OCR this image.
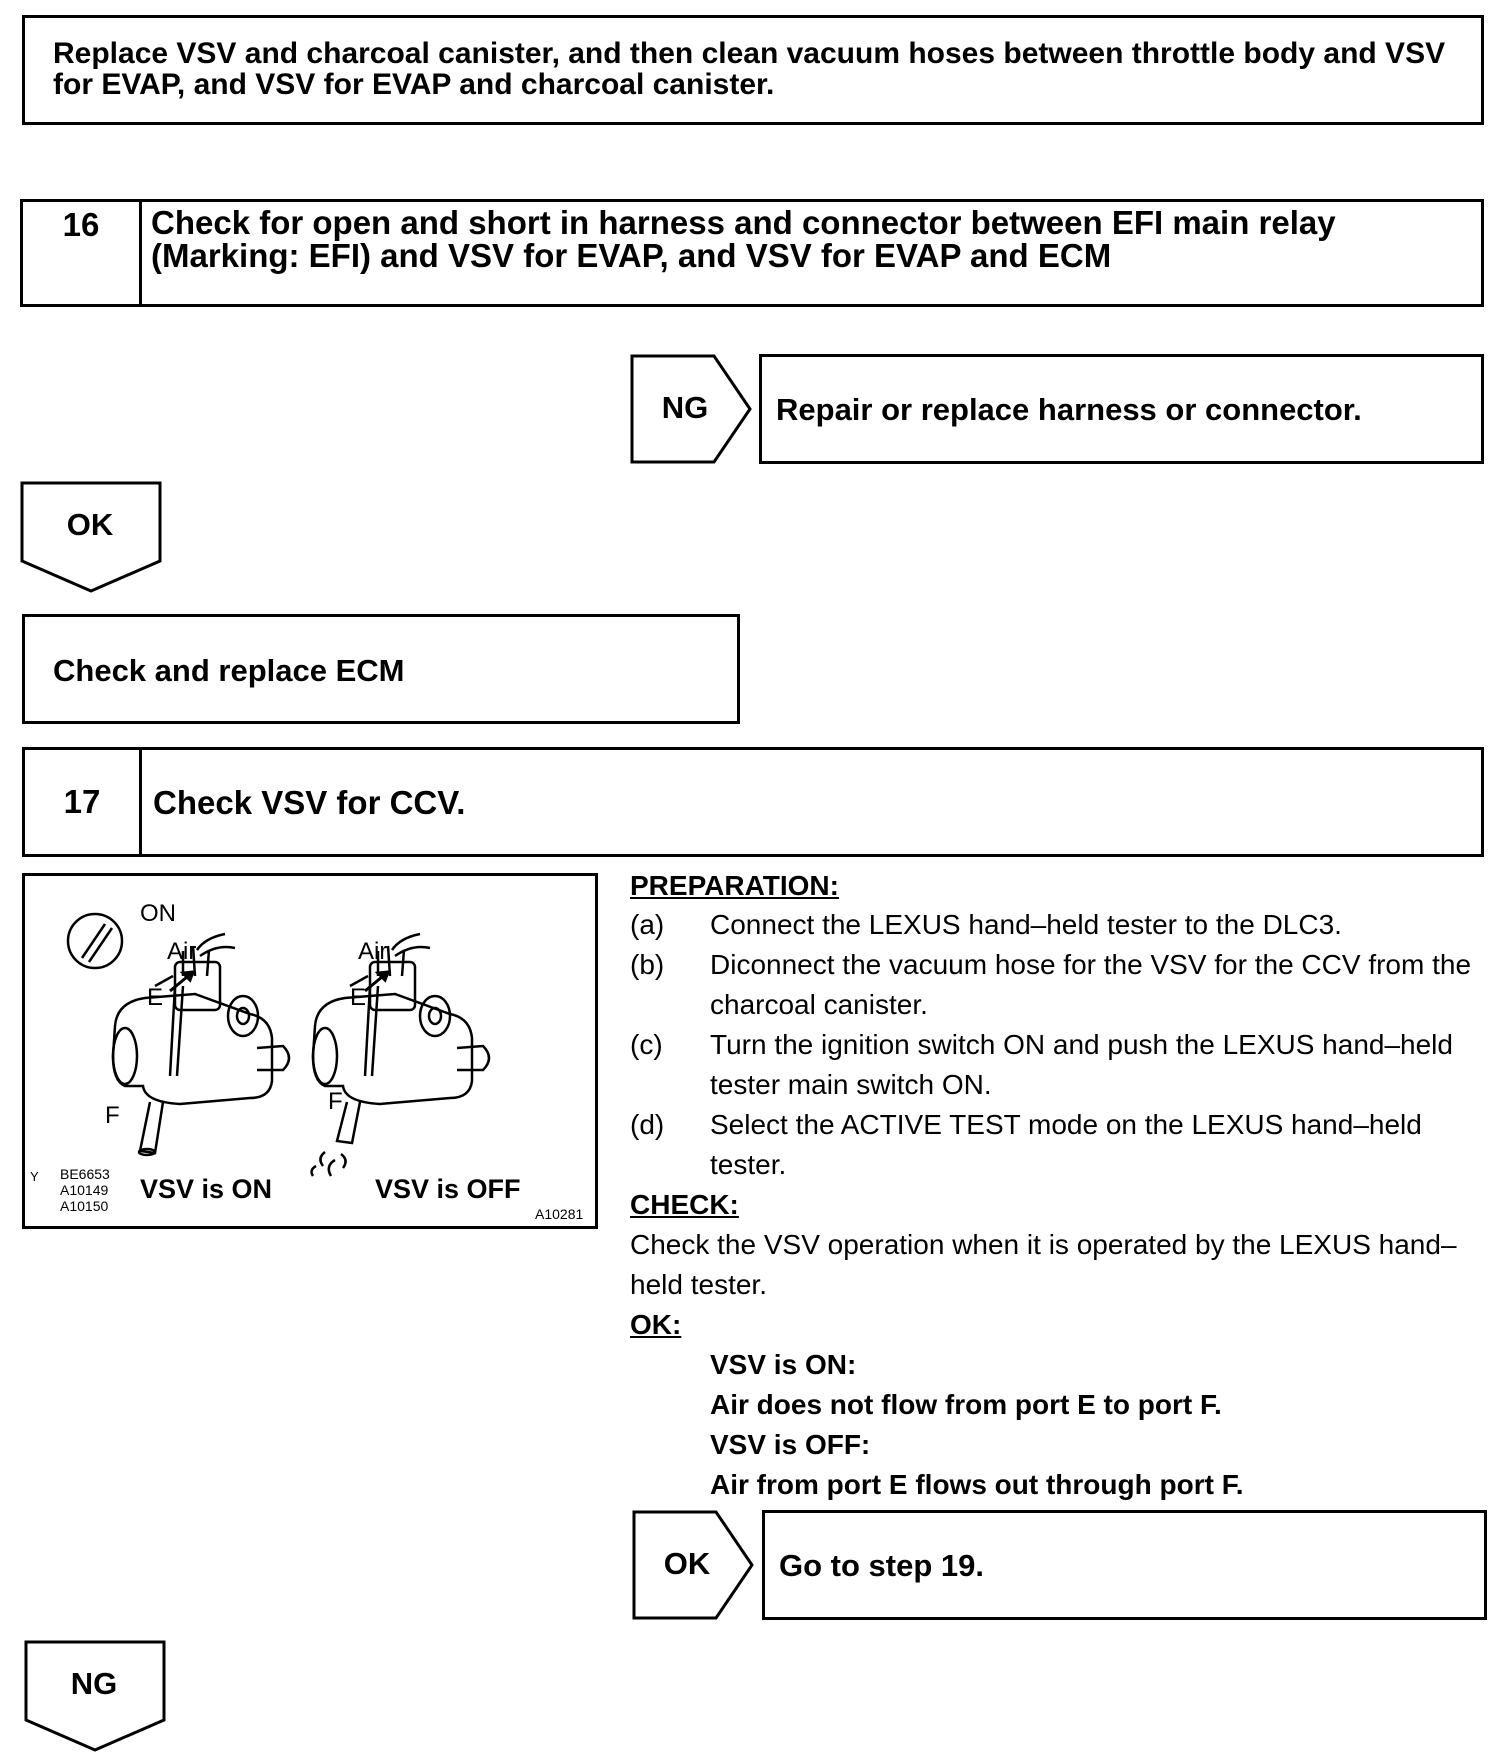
Replace VSV and charcoal canister, and then clean vacuum hoses between throttle body and VSV for EVAP, and VSV for EVAP and charcoal canister.
16	Check for open and short in harness and connector between EFI main relay (Marking: EFI) and VSV for EVAP, and VSV for EVAP and ECM
NG	Repair or replace harness or connector.
OK
Check and replace ECM
17	Check VSV for CCV.
ON
Air	Air
E	E
F
F
VSV is ON	VSV is OFF
Y BE6653
A10149
A10150	A10281
PREPARATION:
(a) Connect the LEXUS hand–held tester to the DLC3.
(b) Diconnect the vacuum hose for the VSV for the CCV from the charcoal canister.
(c) Turn the ignition switch ON and push the LEXUS hand–held tester main switch ON.
(d) Select the ACTIVE TEST mode on the LEXUS hand–held tester.
CHECK:
Check the VSV operation when it is operated by the LEXUS hand–held tester.
OK:
VSV is ON:
Air does not flow from port E to port F.
VSV is OFF:
Air from port E flows out through port F.
OK	Go to step 19.
NG
